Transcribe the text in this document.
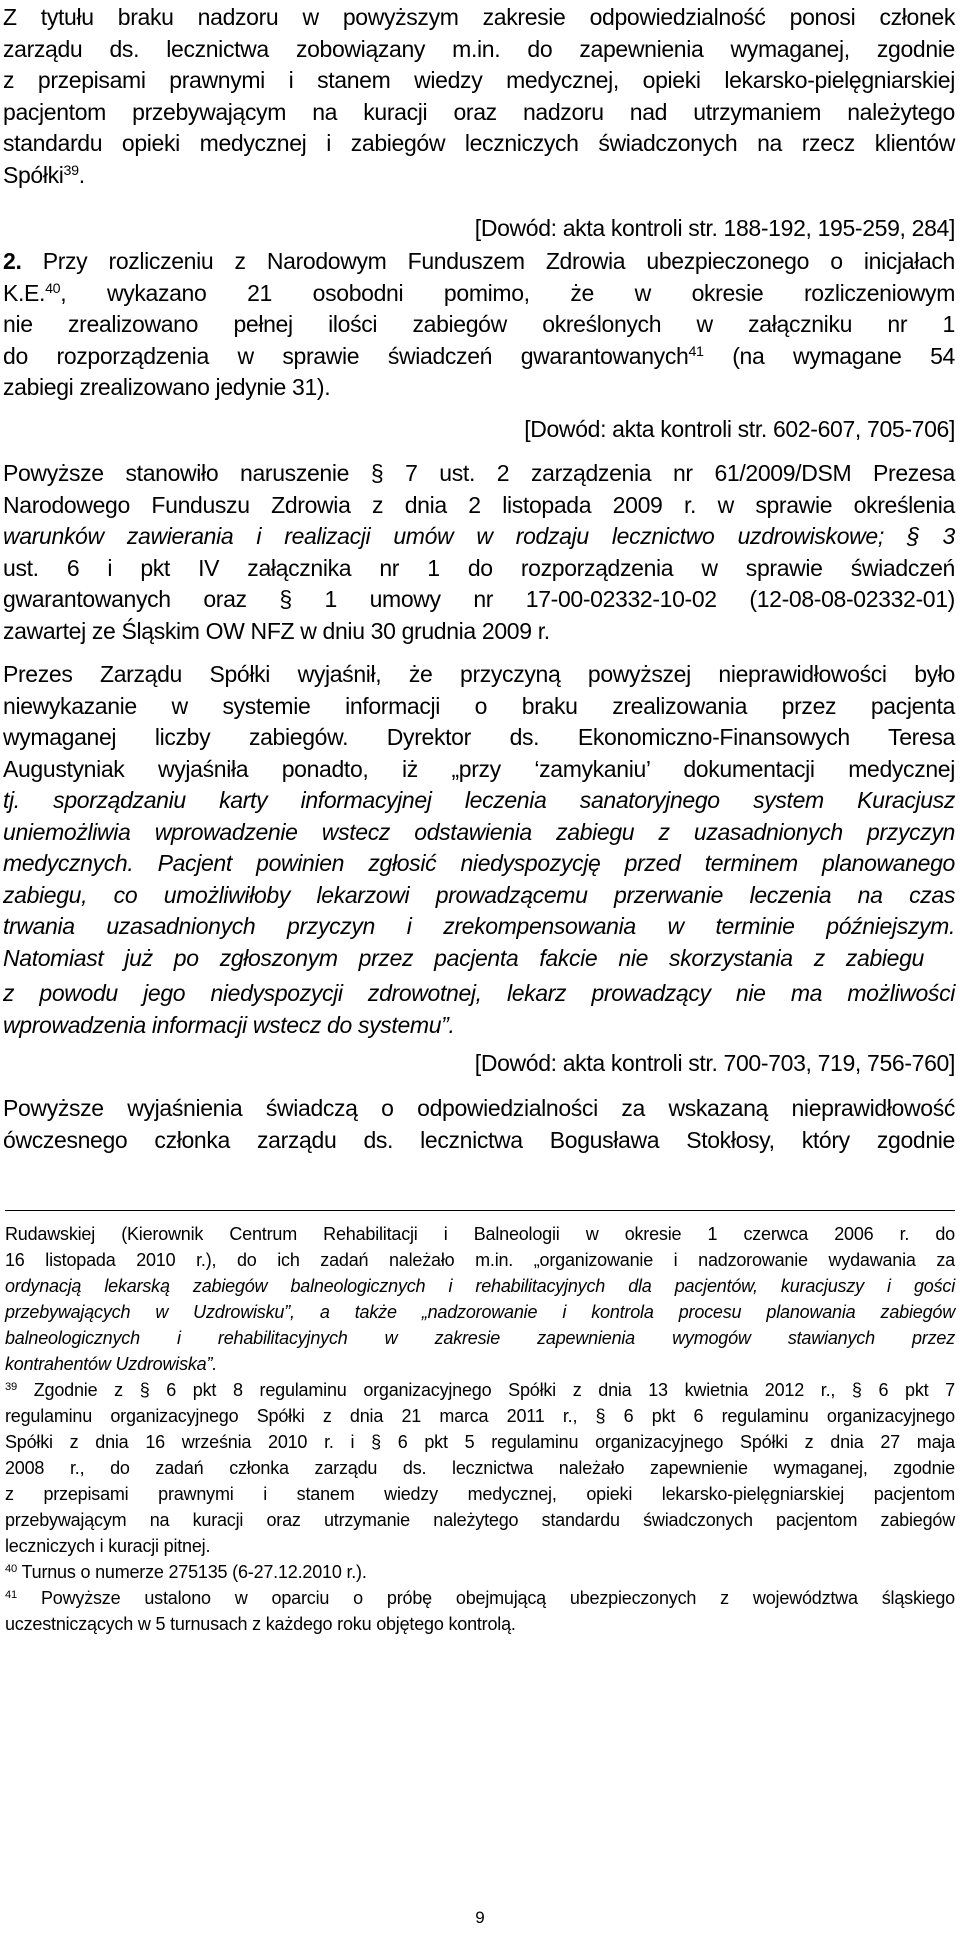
Z tytułu braku nadzoru w powyższym zakresie odpowiedzialność ponosi członek
zarządu ds. lecznictwa zobowiązany m.in. do zapewnienia wymaganej, zgodnie
z przepisami prawnymi i stanem wiedzy medycznej, opieki lekarsko-pielęgniarskiej
pacjentom przebywającym na kuracji oraz nadzoru nad utrzymaniem należytego
standardu opieki medycznej i zabiegów leczniczych świadczonych na rzecz klientów
Spółki$^{39}$.
[Dowód: akta kontroli str. 188-192, 195-259, 284]
2. Przy rozliczeniu z Narodowym Funduszem Zdrowia ubezpieczonego o inicjałach
K.E.$^{40}$, wykazano 21 osobodni pomimo, że w okresie rozliczeniowym
nie zrealizowano pełnej ilości zabiegów określonych w załączniku nr 1
do rozporządzenia w sprawie świadczeń gwarantowanych$^{41}$ (na wymagane 54
zabiegi zrealizowano jedynie 31).
[Dowód: akta kontroli str. 602-607, 705-706]
Powyższe stanowiło naruszenie § 7 ust. 2 zarządzenia nr 61/2009/DSM Prezesa
Narodowego Funduszu Zdrowia z dnia 2 listopada 2009 r. w sprawie określenia
warunków zawierania i realizacji umów w rodzaju lecznictwo uzdrowiskowe; § 3
ust. 6 i pkt IV załącznika nr 1 do rozporządzenia w sprawie świadczeń
gwarantowanych oraz § 1 umowy nr 17-00-02332-10-02 (12-08-08-02332-01)
zawartej ze Śląskim OW NFZ w dniu 30 grudnia 2009 r.
Prezes Zarządu Spółki wyjaśnił, że przyczyną powyższej nieprawidłowości było
niewykazanie w systemie informacji o braku zrealizowania przez pacjenta
wymaganej liczby zabiegów. Dyrektor ds. Ekonomiczno-Finansowych Teresa
Augustyniak wyjaśniła ponadto, iż „przy ‘zamykaniu’ dokumentacji medycznej
tj. sporządzaniu karty informacyjnej leczenia sanatoryjnego system Kuracjusz
uniemożliwia wprowadzenie wstecz odstawienia zabiegu z uzasadnionych przyczyn
medycznych. Pacjent powinien zgłosić niedyspozycję przed terminem planowanego
zabiegu, co umożliwiłoby lekarzowi prowadzącemu przerwanie leczenia na czas
trwania uzasadnionych przyczyn i zrekompensowania w terminie późniejszym.
Natomiast już po zgłoszonym przez pacjenta fakcie nie skorzystania z zabiegu
z powodu jego niedyspozycji zdrowotnej, lekarz prowadzący nie ma możliwości
wprowadzenia informacji wstecz do systemu”.
[Dowód: akta kontroli str. 700-703, 719, 756-760]
Powyższe wyjaśnienia świadczą o odpowiedzialności za wskazaną nieprawidłowość
ówczesnego członka zarządu ds. lecznictwa Bogusława Stokłosy, który zgodnie
Rudawskiej (Kierownik Centrum Rehabilitacji i Balneologii w okresie 1 czerwca 2006 r. do
16 listopada 2010 r.), do ich zadań należało m.in. „organizowanie i nadzorowanie wydawania za
ordynacją lekarską zabiegów balneologicznych i rehabilitacyjnych dla pacjentów, kuracjuszy i gości
przebywających w Uzdrowisku”, a także „nadzorowanie i kontrola procesu planowania zabiegów
balneologicznych i rehabilitacyjnych w zakresie zapewnienia wymogów stawianych przez
kontrahentów Uzdrowiska”.
$^{39}$ Zgodnie z § 6 pkt 8 regulaminu organizacyjnego Spółki z dnia 13 kwietnia 2012 r., § 6 pkt 7
regulaminu organizacyjnego Spółki z dnia 21 marca 2011 r., § 6 pkt 6 regulaminu organizacyjnego
Spółki z dnia 16 września 2010 r. i § 6 pkt 5 regulaminu organizacyjnego Spółki z dnia 27 maja
2008 r., do zadań członka zarządu ds. lecznictwa należało zapewnienie wymaganej, zgodnie
z przepisami prawnymi i stanem wiedzy medycznej, opieki lekarsko-pielęgniarskiej pacjentom
przebywającym na kuracji oraz utrzymanie należytego standardu świadczonych pacjentom zabiegów
leczniczych i kuracji pitnej.
$^{40}$ Turnus o numerze 275135 (6-27.12.2010 r.).
$^{41}$ Powyższe ustalono w oparciu o próbę obejmującą ubezpieczonych z województwa śląskiego
uczestniczących w 5 turnusach z każdego roku objętego kontrolą.
9
